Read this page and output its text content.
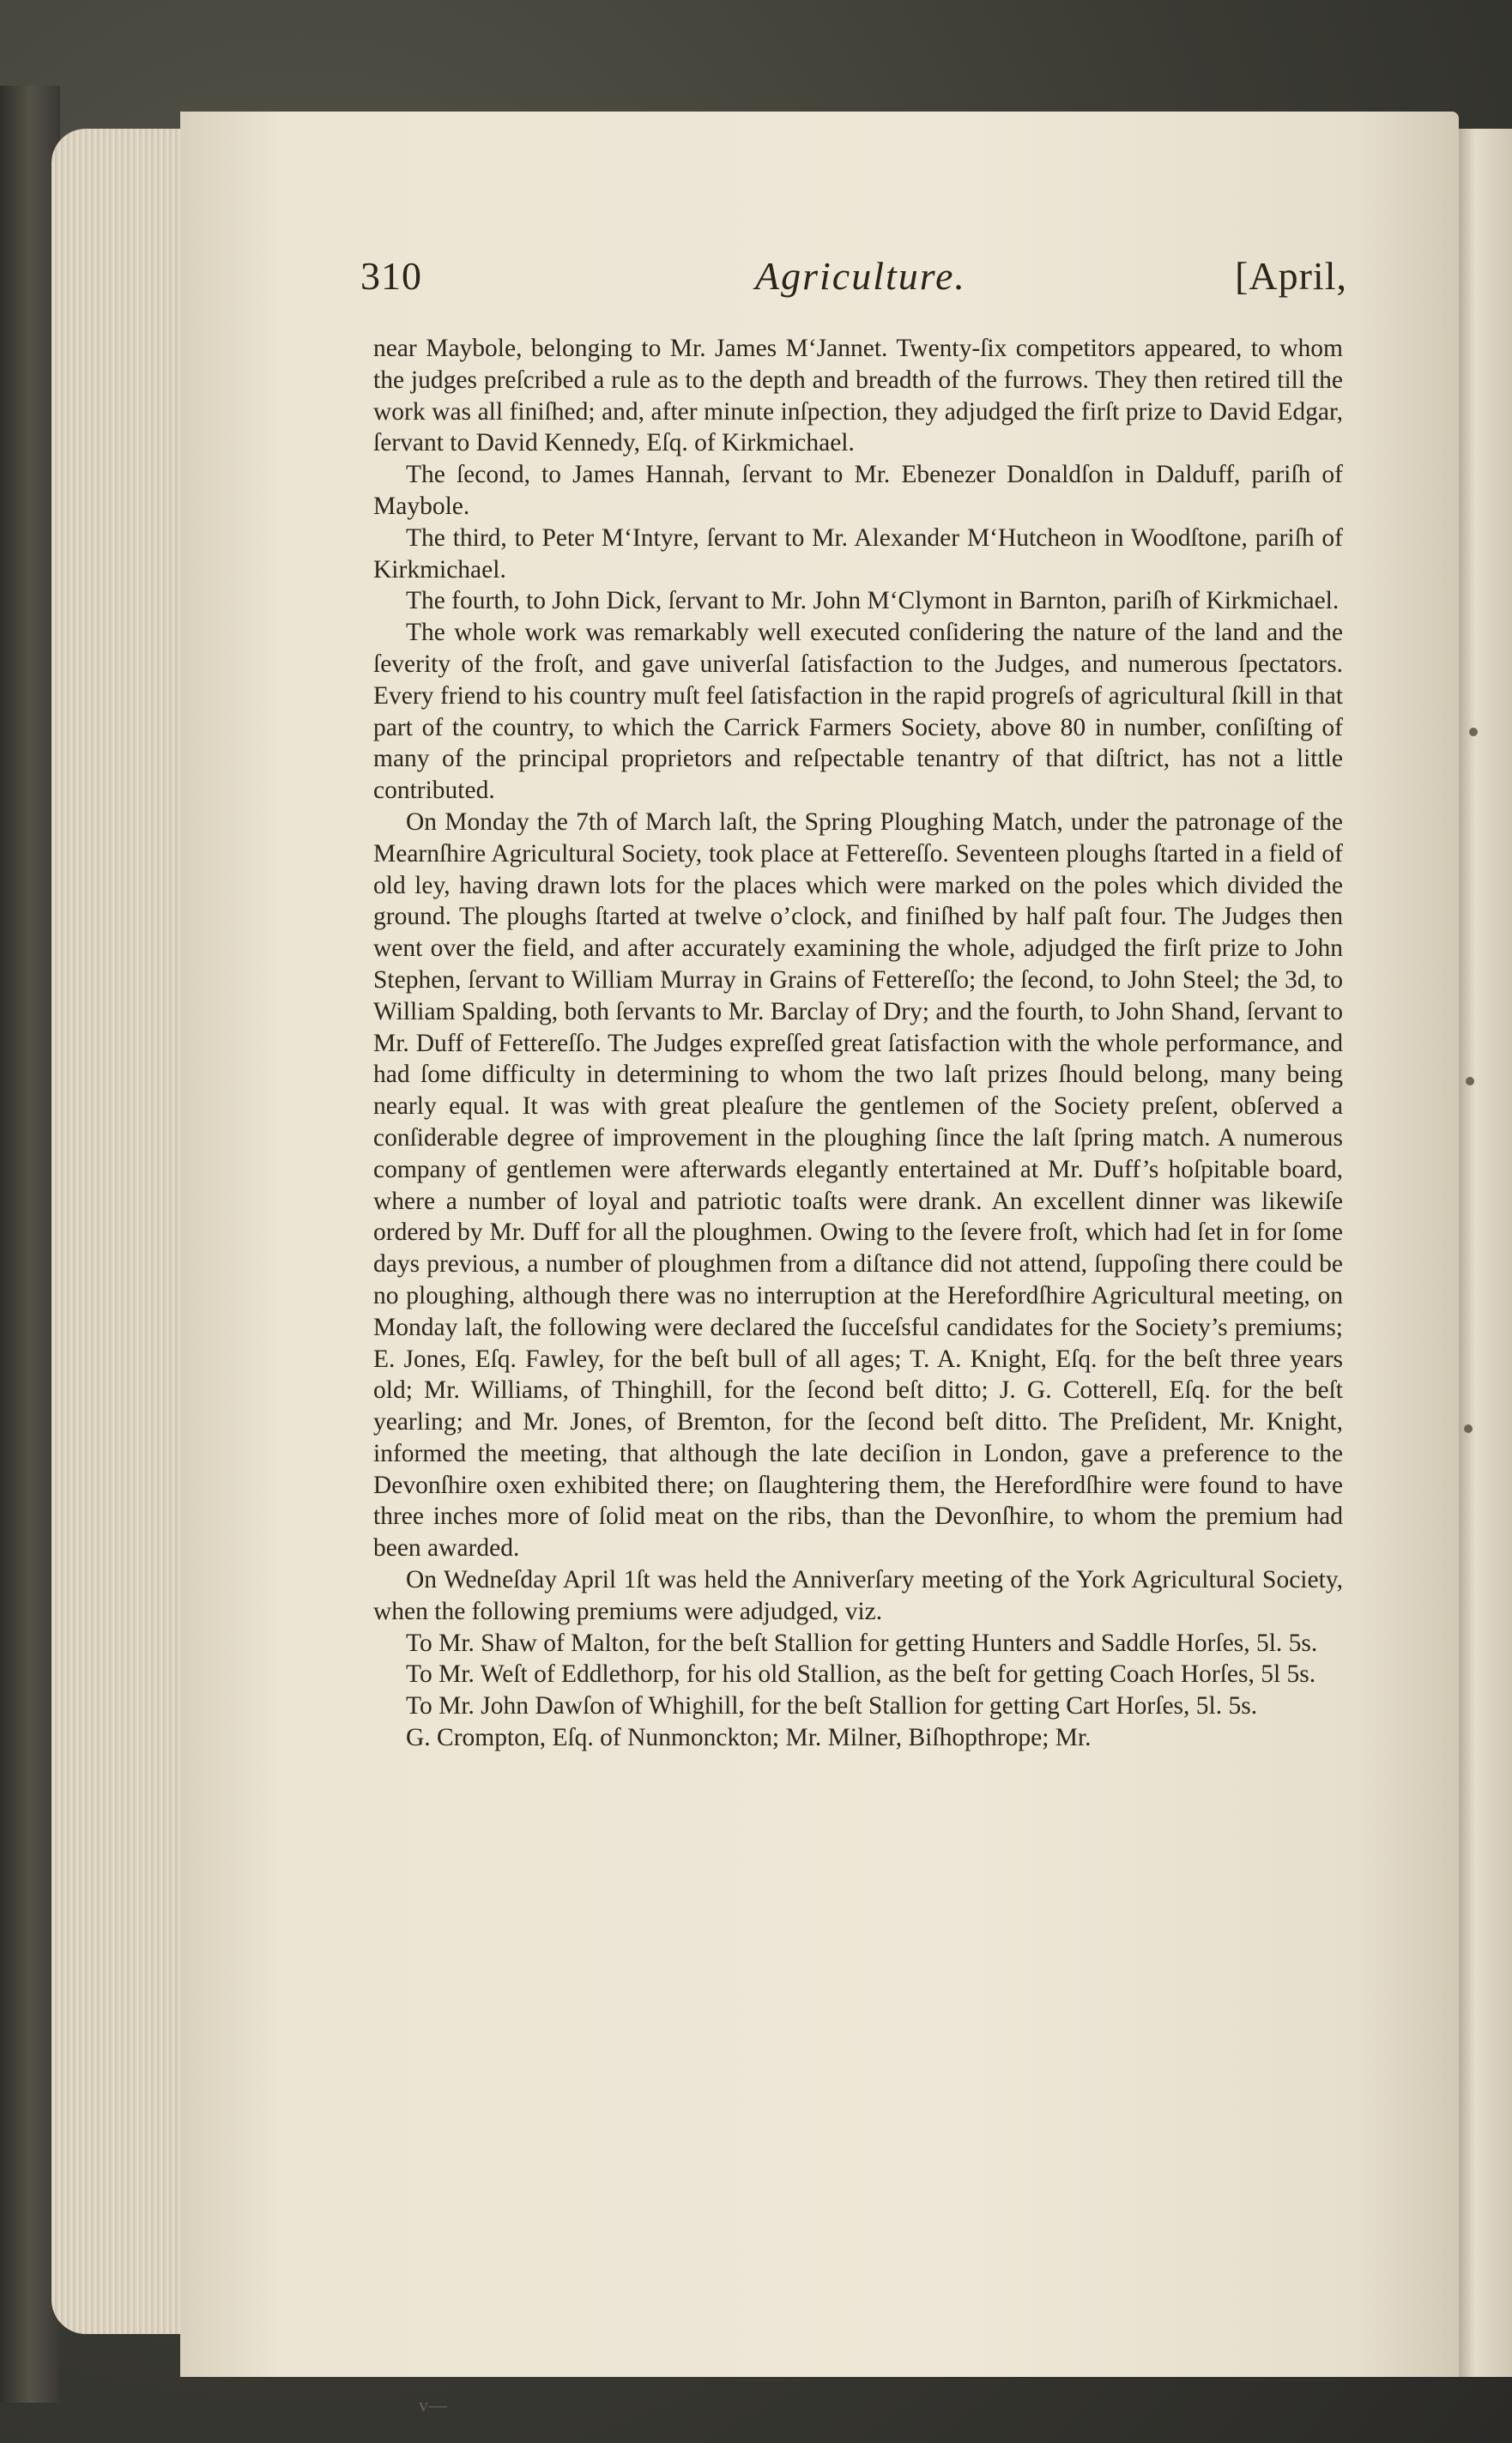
310	Agriculture.	[April,

near Maybole, belonging to Mr. James M‘Jannet. Twenty-ſix competitors appeared, to whom the judges preſcribed a rule as to the depth and breadth of the furrows. They then retired till the work was all finiſhed; and, after minute inſpection, they adjudged the firſt prize to David Edgar, ſervant to David Kennedy, Eſq. of Kirkmichael.

The ſecond, to James Hannah, ſervant to Mr. Ebenezer Donaldſon in Dalduff, pariſh of Maybole.

The third, to Peter M‘Intyre, ſervant to Mr. Alexander M‘Hutcheon in Woodſtone, pariſh of Kirkmichael.

The fourth, to John Dick, ſervant to Mr. John M‘Clymont in Barnton, pariſh of Kirkmichael.

The whole work was remarkably well executed conſidering the nature of the land and the ſeverity of the froſt, and gave univerſal ſatisfaction to the Judges, and numerous ſpectators. Every friend to his country muſt feel ſatisfaction in the rapid progreſs of agricultural ſkill in that part of the country, to which the Carrick Farmers Society, above 80 in number, conſiſting of many of the principal proprietors and reſpectable tenantry of that diſtrict, has not a little contributed.

On Monday the 7th of March laſt, the Spring Ploughing Match, under the patronage of the Mearnſhire Agricultural Society, took place at Fettereſſo. Seventeen ploughs ſtarted in a field of old ley, having drawn lots for the places which were marked on the poles which divided the ground. The ploughs ſtarted at twelve o’clock, and finiſhed by half paſt four. The Judges then went over the field, and after accurately examining the whole, adjudged the firſt prize to John Stephen, ſervant to William Murray in Grains of Fettereſſo; the ſecond, to John Steel; the 3d, to William Spalding, both ſervants to Mr. Barclay of Dry; and the fourth, to John Shand, ſervant to Mr. Duff of Fettereſſo. The Judges expreſſed great ſatisfaction with the whole performance, and had ſome difficulty in determining to whom the two laſt prizes ſhould belong, many being nearly equal. It was with great pleaſure the gentlemen of the Society preſent, obſerved a conſiderable degree of improvement in the ploughing ſince the laſt ſpring match. A numerous company of gentlemen were afterwards elegantly entertained at Mr. Duff’s hoſpitable board, where a number of loyal and patriotic toaſts were drank. An excellent dinner was likewiſe ordered by Mr. Duff for all the ploughmen. Owing to the ſevere froſt, which had ſet in for ſome days previous, a number of ploughmen from a diſtance did not attend, ſuppoſing there could be no ploughing, although there was no interruption at the Herefordſhire Agricultural meeting, on Monday laſt, the following were declared the ſucceſsful candidates for the Society’s premiums; E. Jones, Eſq. Fawley, for the beſt bull of all ages; T. A. Knight, Eſq. for the beſt three years old; Mr. Williams, of Thinghill, for the ſecond beſt ditto; J. G. Cotterell, Eſq. for the beſt yearling; and Mr. Jones, of Bremton, for the ſecond beſt ditto. The Preſident, Mr. Knight, informed the meeting, that although the late deciſion in London, gave a preference to the Devonſhire oxen exhibited there; on ſlaughtering them, the Herefordſhire were found to have three inches more of ſolid meat on the ribs, than the Devonſhire, to whom the premium had been awarded.

On Wedneſday April 1ſt was held the Anniverſary meeting of the York Agricultural Society, when the following premiums were adjudged, viz.

To Mr. Shaw of Malton, for the beſt Stallion for getting Hunters and Saddle Horſes, 5l. 5s.

To Mr. Weſt of Eddlethorp, for his old Stallion, as the beſt for getting Coach Horſes, 5l 5s.

To Mr. John Dawſon of Whighill, for the beſt Stallion for getting Cart Horſes, 5l. 5s.

G. Crompton, Eſq. of Nunmonckton; Mr. Milner, Biſhopthrope; Mr.

v—
